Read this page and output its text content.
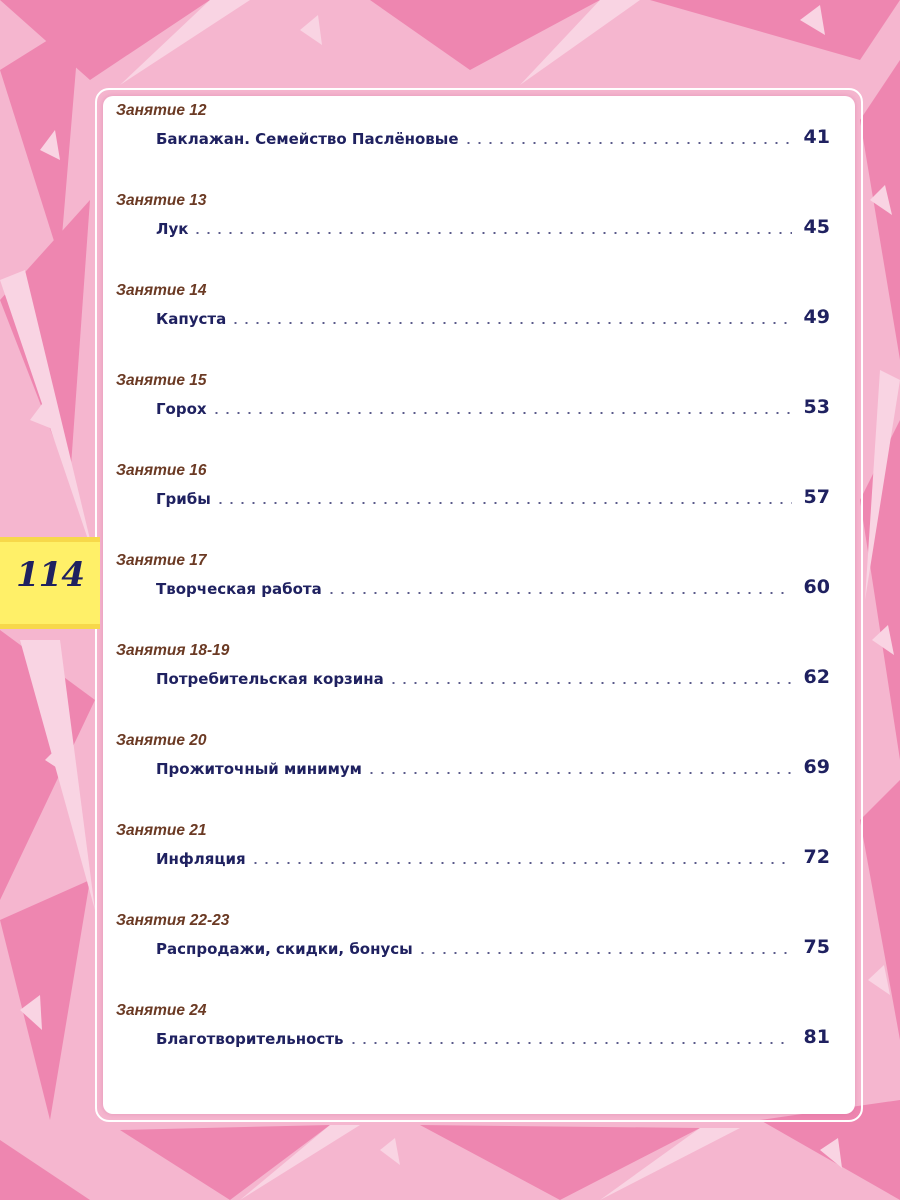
114
Занятие 12
Баклажан. Семейство Паслёновые	41
Занятие 13
Лук	45
Занятие 14
Капуста	49
Занятие 15
Горох	53
Занятие 16
Грибы	57
Занятие 17
Творческая работа	60
Занятия 18-19
Потребительская корзина	62
Занятие 20
Прожиточный минимум	69
Занятие 21
Инфляция	72
Занятия 22-23
Распродажи, скидки, бонусы	75
Занятие 24
Благотворительность	81
